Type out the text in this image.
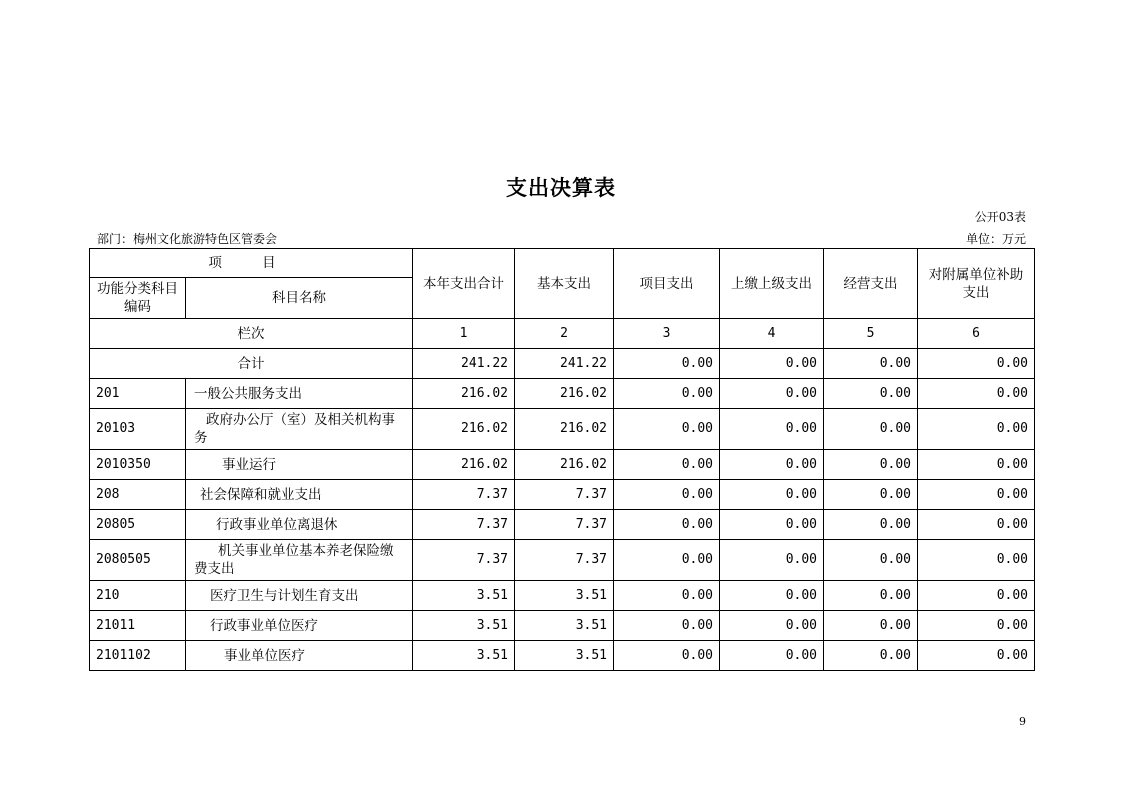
支出决算表
公开03表
部门：梅州文化旅游特色区管委会	单位：万元
项 目		本年支出合计	基本支出	项目支出	上缴上级支出	经营支出	对附属单位补助支出
功能分类科目编码	科目名称						
栏次		1	2	3	4	5	6
合计		241.22	241.22	0.00	0.00	0.00	0.00
201	一般公共服务支出	216.02	216.02	0.00	0.00	0.00	0.00
20103	政府办公厅（室）及相关机构事务	216.02	216.02	0.00	0.00	0.00	0.00
2010350	事业运行	216.02	216.02	0.00	0.00	0.00	0.00
208	社会保障和就业支出	7.37	7.37	0.00	0.00	0.00	0.00
20805	行政事业单位离退休	7.37	7.37	0.00	0.00	0.00	0.00
2080505	机关事业单位基本养老保险缴费支出	7.37	7.37	0.00	0.00	0.00	0.00
210	医疗卫生与计划生育支出	3.51	3.51	0.00	0.00	0.00	0.00
21011	行政事业单位医疗	3.51	3.51	0.00	0.00	0.00	0.00
2101102	事业单位医疗	3.51	3.51	0.00	0.00	0.00	0.00
9
